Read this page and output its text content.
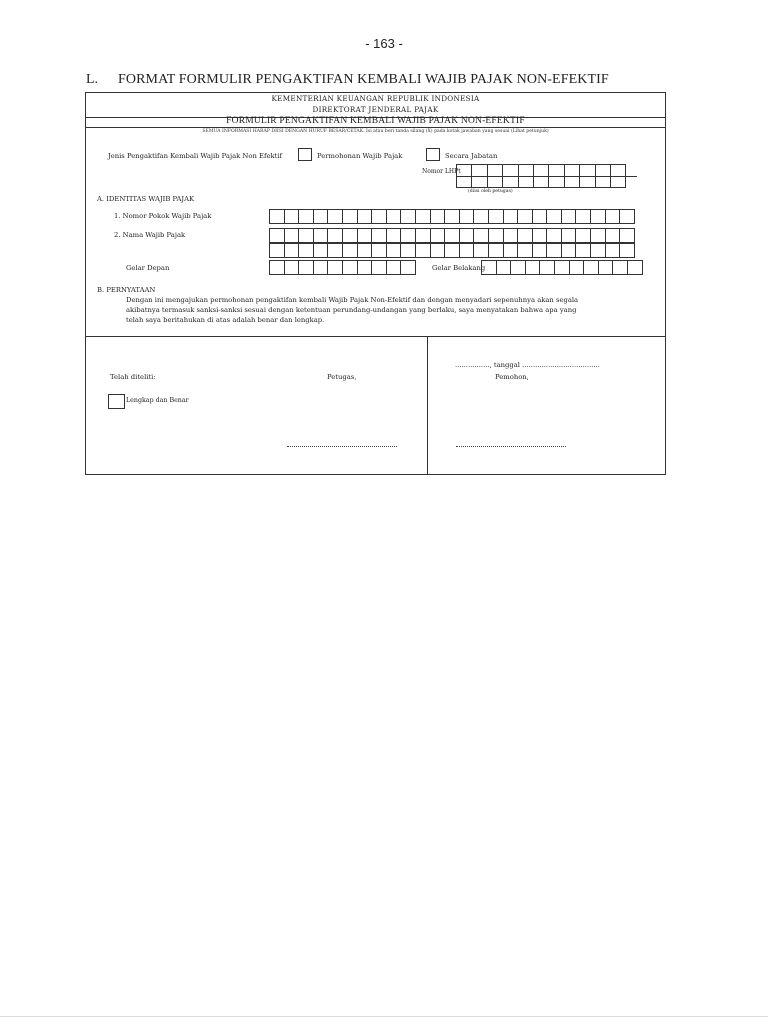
- 163 -
L. FORMAT FORMULIR PENGAKTIFAN KEMBALI WAJIB PAJAK NON-EFEKTIF
KEMENTERIAN KEUANGAN REPUBLIK INDONESIA
DIREKTORAT JENDERAL PAJAK
FORMULIR PENGAKTIFAN KEMBALI WAJIB PAJAK NON-EFEKTIF
SEMUA INFORMASI HARAP DIISI DENGAN HURUF BESAR/CETAK. Isi atau beri tanda silang (X) pada kotak jawaban yang sesuai (Lihat petunjuk)
Jenis Pengaktifan Kembali Wajib Pajak Non Efektif	Permohonan Wajib Pajak	Secara Jabatan
Nomor LHPt
(diisi oleh petugas)
A. IDENTITAS WAJIB PAJAK
1. Nomor Pokok Wajib Pajak
2. Nama Wajib Pajak
Gelar Depan	Gelar Belakang
B. PERNYATAAN
Dengan ini mengajukan permohonan pengaktifan kembali Wajib Pajak Non-Efektif dan dengan menyadari sepenuhnya akan segala
akibatnya termasuk sanksi-sanksi sesuai dengan ketentuan perundang-undangan yang berlaku, saya menyatakan bahwa apa yang
telah saya beritahukan di atas adalah benar dan lengkap.
Telah diteliti:	Petugas,
Lengkap dan Benar
................, tanggal ....................................
Pemohon,
